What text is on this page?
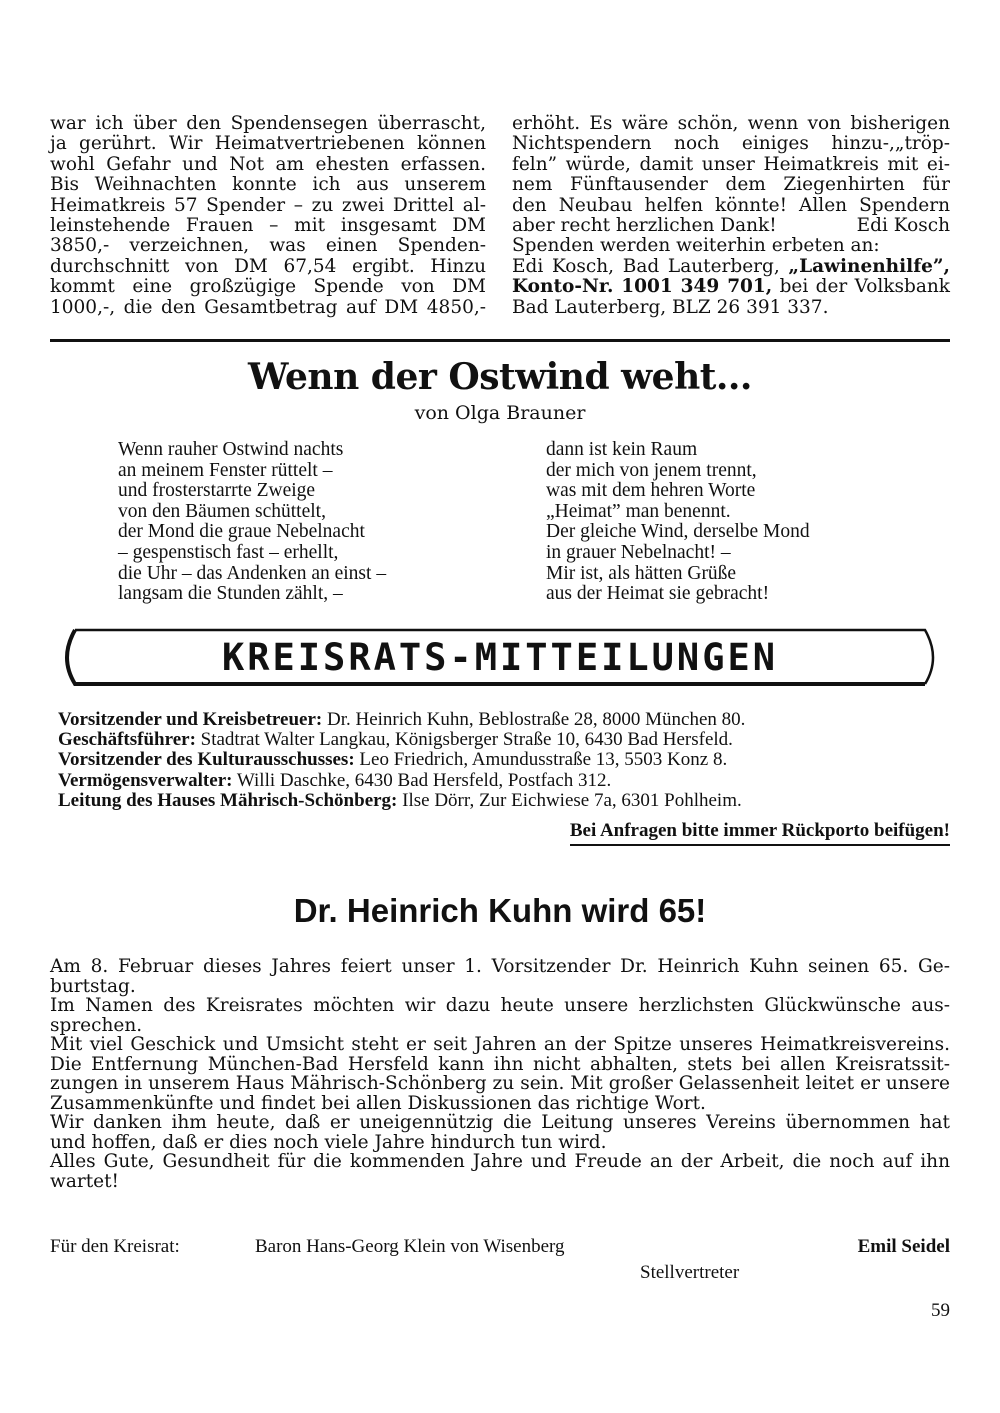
war ich über den Spendensegen überrascht,
ja gerührt. Wir Heimatvertriebenen können
wohl Gefahr und Not am ehesten erfassen.
Bis Weihnachten konnte ich aus unserem
Heimatkreis 57 Spender – zu zwei Drittel al-
leinstehende Frauen – mit insgesamt DM
3850,- verzeichnen, was einen Spenden-
durchschnitt von DM 67,54 ergibt. Hinzu
kommt eine großzügige Spende von DM
1000,-, die den Gesamtbetrag auf DM 4850,-
erhöht. Es wäre schön, wenn von bisherigen
Nichtspendern noch einiges hinzu-,„tröp-
feln” würde, damit unser Heimatkreis mit ei-
nem Fünftausender dem Ziegenhirten für
den Neubau helfen könnte! Allen Spendern
aber recht herzlichen Dank!	Edi Kosch
Spenden werden weiterhin erbeten an:
Edi Kosch, Bad Lauterberg, „Lawinenhilfe”,
Konto-Nr. 1001 349 701, bei der Volksbank
Bad Lauterberg, BLZ 26 391 337.
Wenn der Ostwind weht...
von Olga Brauner
Wenn rauher Ostwind nachts
an meinem Fenster rüttelt –
und frosterstarrte Zweige
von den Bäumen schüttelt,
der Mond die graue Nebelnacht
– gespenstisch fast – erhellt,
die Uhr – das Andenken an einst –
langsam die Stunden zählt, –
dann ist kein Raum
der mich von jenem trennt,
was mit dem hehren Worte
„Heimat” man benennt.
Der gleiche Wind, derselbe Mond
in grauer Nebelnacht! –
Mir ist, als hätten Grüße
aus der Heimat sie gebracht!
KREISRATS-MITTEILUNGEN
Vorsitzender und Kreisbetreuer: Dr. Heinrich Kuhn, Beblostraße 28, 8000 München 80.
Geschäftsführer: Stadtrat Walter Langkau, Königsberger Straße 10, 6430 Bad Hersfeld.
Vorsitzender des Kulturausschusses: Leo Friedrich, Amundusstraße 13, 5503 Konz 8.
Vermögensverwalter: Willi Daschke, 6430 Bad Hersfeld, Postfach 312.
Leitung des Hauses Mährisch-Schönberg: Ilse Dörr, Zur Eichwiese 7a, 6301 Pohlheim.
Bei Anfragen bitte immer Rückporto beifügen!
Dr. Heinrich Kuhn wird 65!
Am 8. Februar dieses Jahres feiert unser 1. Vorsitzender Dr. Heinrich Kuhn seinen 65. Ge-
burtstag.
Im Namen des Kreisrates möchten wir dazu heute unsere herzlichsten Glückwünsche aus-
sprechen.
Mit viel Geschick und Umsicht steht er seit Jahren an der Spitze unseres Heimatkreisvereins.
Die Entfernung München-Bad Hersfeld kann ihn nicht abhalten, stets bei allen Kreisratssit-
zungen in unserem Haus Mährisch-Schönberg zu sein. Mit großer Gelassenheit leitet er unsere
Zusammenkünfte und findet bei allen Diskussionen das richtige Wort.
Wir danken ihm heute, daß er uneigennützig die Leitung unseres Vereins übernommen hat
und hoffen, daß er dies noch viele Jahre hindurch tun wird.
Alles Gute, Gesundheit für die kommenden Jahre und Freude an der Arbeit, die noch auf ihn
wartet!
Für den Kreisrat:	Baron Hans-Georg Klein von Wisenberg	Emil Seidel
Stellvertreter
59
